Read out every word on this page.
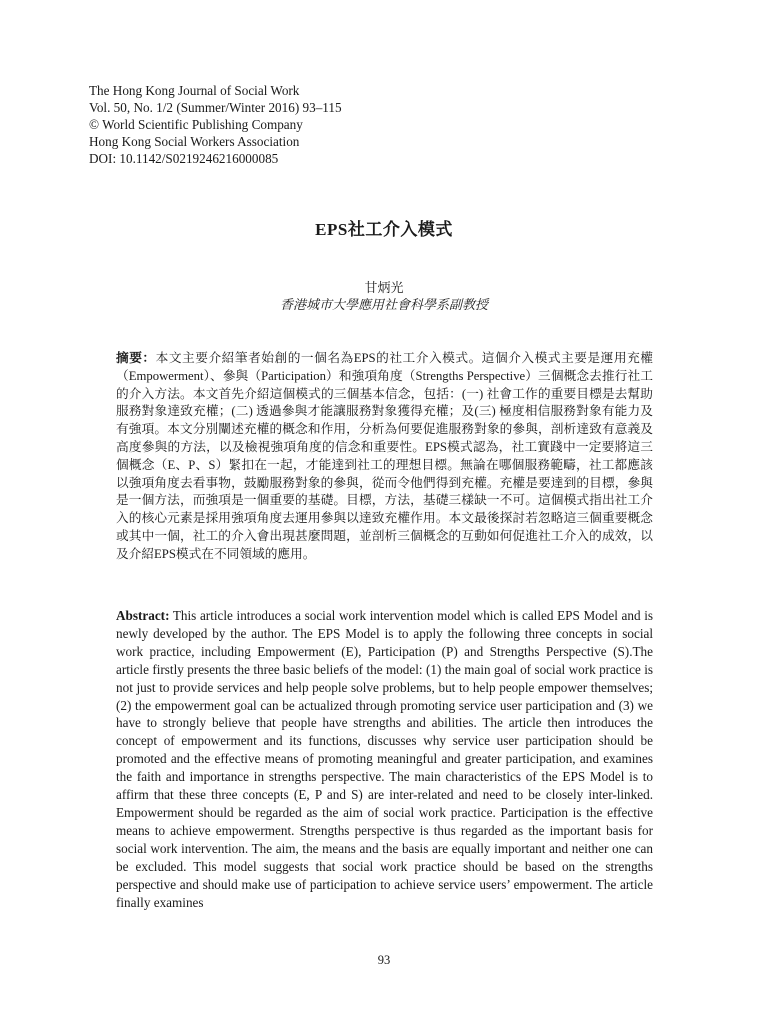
The Hong Kong Journal of Social Work
Vol. 50, No. 1/2 (Summer/Winter 2016) 93–115
© World Scientific Publishing Company
Hong Kong Social Workers Association
DOI: 10.1142/S0219246216000085
EPS社工介入模式
甘炳光
香港城市大學應用社會科學系副教授
摘要：本文主要介紹筆者始創的一個名為EPS的社工介入模式。這個介入模式主要是運用充權（Empowerment）、參與（Participation）和強項角度（Strengths Perspective）三個概念去推行社工的介入方法。本文首先介紹這個模式的三個基本信念，包括：(一) 社會工作的重要目標是去幫助服務對象達致充權；(二) 透過參與才能讓服務對象獲得充權；及(三) 極度相信服務對象有能力及有強項。本文分別闡述充權的概念和作用，分析為何要促進服務對象的參與，剖析達致有意義及高度參與的方法，以及檢視強項角度的信念和重要性。EPS模式認為，社工實踐中一定要將這三個概念（E、P、S）緊扣在一起，才能達到社工的理想目標。無論在哪個服務範疇，社工都應該以強項角度去看事物，鼓勵服務對象的參與，從而令他們得到充權。充權是要達到的目標，參與是一個方法，而強項是一個重要的基礎。目標，方法，基礎三樣缺一不可。這個模式指出社工介入的核心元素是採用強項角度去運用參與以達致充權作用。本文最後探討若忽略這三個重要概念或其中一個，社工的介入會出現甚麼問題，並剖析三個概念的互動如何促進社工介入的成效，以及介紹EPS模式在不同領域的應用。
Abstract: This article introduces a social work intervention model which is called EPS Model and is newly developed by the author. The EPS Model is to apply the following three concepts in social work practice, including Empowerment (E), Participation (P) and Strengths Perspective (S).The article firstly presents the three basic beliefs of the model: (1) the main goal of social work practice is not just to provide services and help people solve problems, but to help people empower themselves; (2) the empowerment goal can be actualized through promoting service user participation and (3) we have to strongly believe that people have strengths and abilities. The article then introduces the concept of empowerment and its functions, discusses why service user participation should be promoted and the effective means of promoting meaningful and greater participation, and examines the faith and importance in strengths perspective. The main characteristics of the EPS Model is to affirm that these three concepts (E, P and S) are inter-related and need to be closely inter-linked. Empowerment should be regarded as the aim of social work practice. Participation is the effective means to achieve empowerment. Strengths perspective is thus regarded as the important basis for social work intervention. The aim, the means and the basis are equally important and neither one can be excluded. This model suggests that social work practice should be based on the strengths perspective and should make use of participation to achieve service users’ empowerment. The article finally examines
93
